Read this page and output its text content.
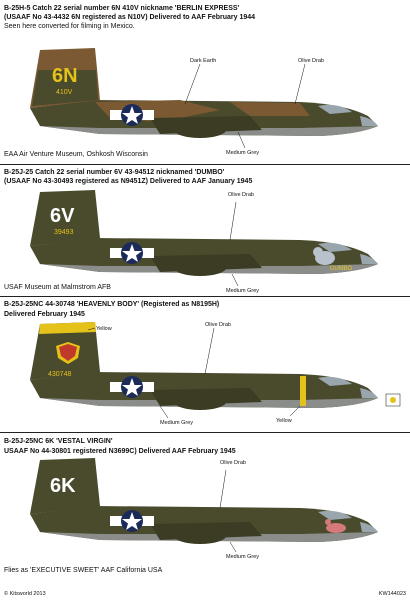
B-25H-5 Catch 22 serial number 6N 410V nickname 'BERLIN EXPRESS'
(USAAF No 43-4432 6N registered as N10V) Delivered to AAF February 1944
Seen here converted for filming in Mexico.
6N
410V
Dark Earth	Olive Drab
Medium Grey
EAA Air Venture Museum, Oshkosh Wisconsin
B-25J-25 Catch 22 serial number 6V 43-94512 nicknamed 'DUMBO'
(USAAF No 43-30493 registered as N9451Z) Delivered to AAF January 1945
6V
39493
DUMBO
Olive Drab
Medium Grey
USAF Museum at Malmstrom AFB
B-25J-25NC 44-30748 'HEAVENLY BODY' (Registered as N8195H)
Delivered February 1945
430748
Olive Drab
Yellow
Medium Grey	Yellow
B-25J-25NC 6K 'VESTAL VIRGIN'
USAAF No 44-30801 registered N3699C) Delivered AAF February 1945
6K
Olive Drab
Medium Grey
Flies as 'EXECUTIVE SWEET' AAF California USA
© Kitsworld 2013	KW144023
